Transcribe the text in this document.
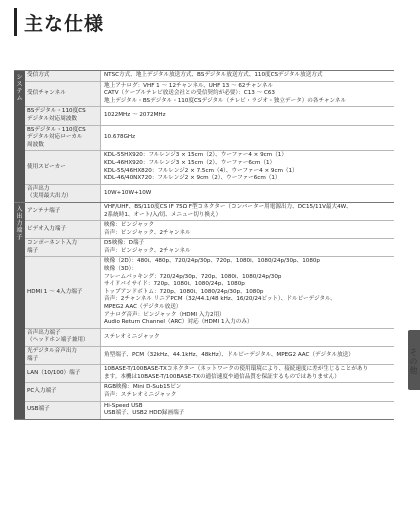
主な仕様
シ
ス
テ
ム
受信方式	NTSC方式、地上デジタル放送方式、BSデジタル放送方式、110度CSデジタル放送方式
受信チャンネル
地上アナログ：VHF 1 〜 12チャンネル、UHF 13 〜 62チャンネル
CATV（ケーブルテレビ放送会社との受信契約が必要）：C13 〜 C63
地上デジタル・BSデジタル・110度CSデジタル（テレビ・ラジオ・独立データ）の各チャンネル
BSデジタル・110度CS
デジタル対応周波数
1022MHz 〜 2072MHz
BSデジタル・110度CS
デジタル対応ローカル
周波数
10.678GHz
使用スピーカー
KDL-55HX920：フルレンジ3 × 15cm（2）、ウーファー4 × 9cm（1）
KDL-46HX920：フルレンジ3 × 15cm（2）、ウーファー6cm（1）
KDL-55/46HX820：フルレンジ2 × 7.5cm（4）、ウーファー4 × 9cm（1）
KDL-46/40NX720：フルレンジ2 × 9cm（2）、ウーファー6cm（1）
音声出力
（実用最大出力）
10W+10W+10W
入
出
力
端
子
アンテナ端子
VHF/UHF、BS/110度CS IF 75Ω F型コネクター（コンバーター用電源出力、DC15/11V最大4W、
2系統時1、オート/入/切、メニュー切り換え）
ビデオ入力端子
映像：ピンジャック
音声：ピンジャック、2チャンネル
コンポーネント入力
端子
D5映像：D端子
音声：ピンジャック、2チャンネル
HDMI 1 〜 4入力端子
映像（2D）：480i、480p、720/24p/30p、720p、1080i、1080/24p/30p、1080p
映像（3D）：
フレームパッキング：720/24p/30p、720p、1080i、1080/24p/30p
サイドバイサイド：720p、1080i、1080/24p、1080p
トップアンドボトム：720p、1080i、1080/24p/30p、1080p
音声：2チャンネル リニアPCM（32/44.1/48 kHz、16/20/24ビット）、ドルビーデジタル、
MPEG2 AAC（デジタル放送）
アナログ音声：ピンジャック（HDMI 入力2用）
Audio Return Channel（ARC）対応（HDMI 1入力のみ）
音声出力端子
（ヘッドホン端子兼用）
ステレオミニジャック
光デジタル音声出力
端子
角型端子、PCM（32kHz、44.1kHz、48kHz）、ドルビーデジタル、MPEG2 AAC（デジタル放送）
LAN（10/100）端子
10BASE-T/100BASE-TXコネクター（ネットワークの使用環境により、接続速度に差が生じることがあり
ます。本機は10BASE-T/100BASE-TXの通信速度や通信品質を保証するものではありません）
PC入力端子
RGB映像：Mini D-Sub15ピン
音声：ステレオミニジャック
USB端子
Hi-Speed USB
USB端子、USB2 HDD録画端子
その他
